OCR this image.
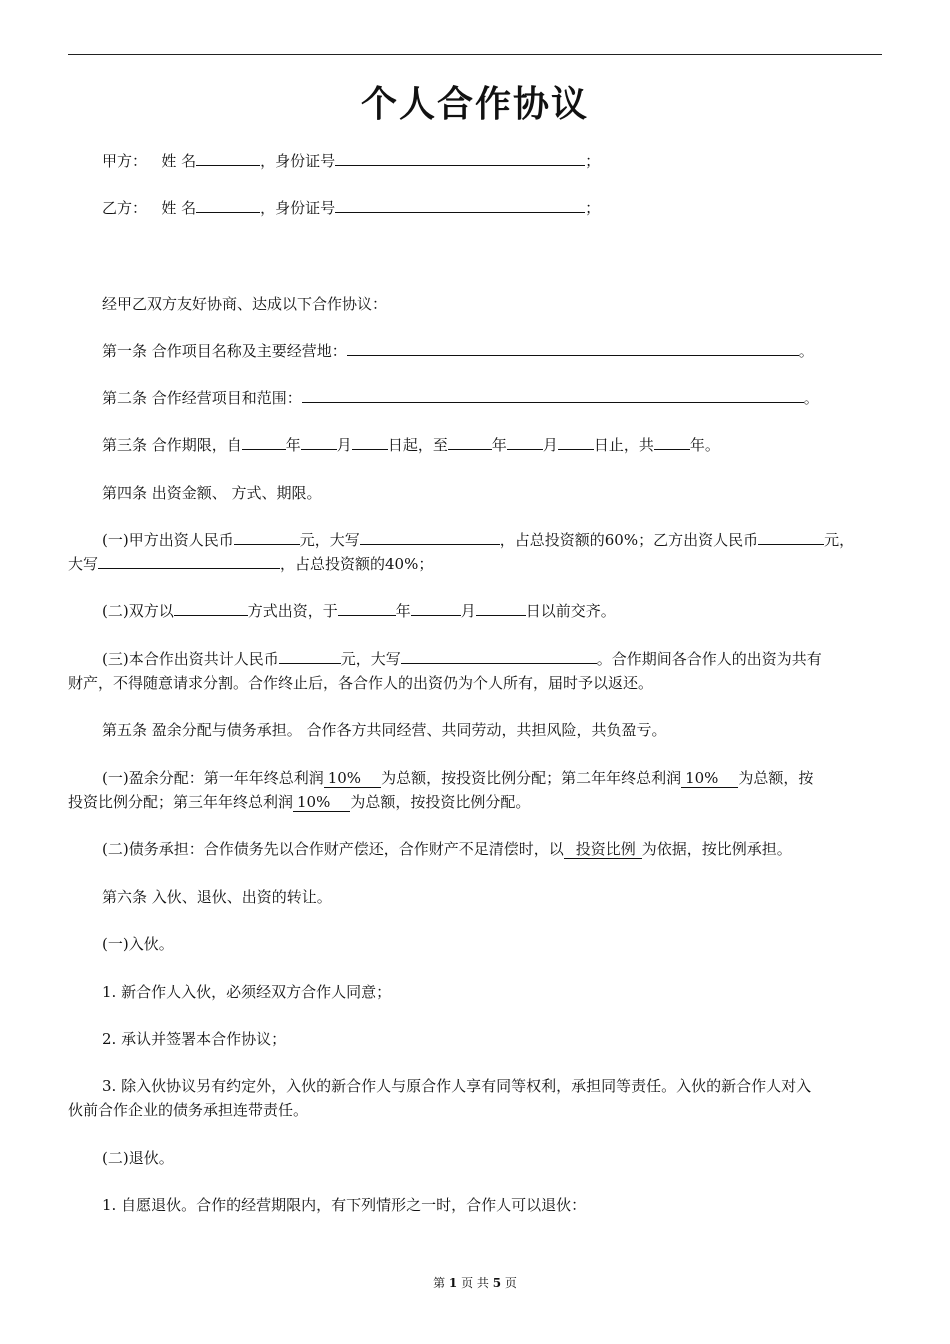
个人合作协议
甲方： 姓 名	，身份证号	；
乙方： 姓 名	，身份证号	；
经甲乙双方友好协商、达成以下合作协议：
第一条 合作项目名称及主要经营地：	。
第二条 合作经营项目和范围：	。
第三条 合作期限，自	年 月 日起，至	年 月 日止，共 年。
第四条 出资金额、 方式、期限。
(一)甲方出资人民币	元，大写	，占总投资额的60%；乙方出资人民币	元，
大写	，占总投资额的40%；
(二)双方以	方式出资，于	年	月	日以前交齐。
(三)本合作出资共计人民币	元，大写	。合作期间各合作人的出资为共有
财产，不得随意请求分割。合作终止后，各合作人的出资仍为个人所有，届时予以返还。
第五条 盈余分配与债务承担。 合作各方共同经营、共同劳动，共担风险，共负盈亏。
(一)盈余分配：第一年年终总利润 10% 为总额，按投资比例分配；第二年年终总利润 10% 为总额，按
投资比例分配；第三年年终总利润 10% 为总额，按投资比例分配。
(二)债务承担：合作债务先以合作财产偿还，合作财产不足清偿时，以 投资比例 为依据，按比例承担。
第六条 入伙、退伙、出资的转让。
(一)入伙。
1. 新合作人入伙，必须经双方合作人同意；
2. 承认并签署本合作协议；
3. 除入伙协议另有约定外，入伙的新合作人与原合作人享有同等权利，承担同等责任。入伙的新合作人对入
伙前合作企业的债务承担连带责任。
(二)退伙。
1. 自愿退伙。合作的经营期限内，有下列情形之一时，合作人可以退伙：
第 1 页 共 5 页
